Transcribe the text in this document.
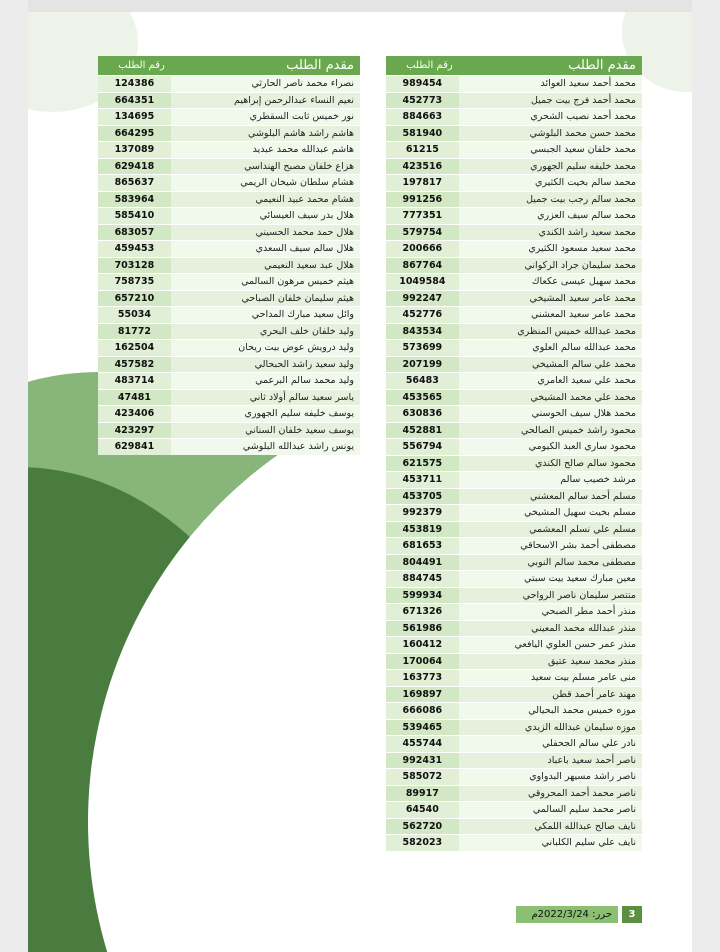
مقدم الطلب	رقم الطلب
محمد أحمد سعيد العوائد	989454
محمد أحمد فرج بيت جميل	452773
محمد أحمد نصيب الشحري	884663
محمد حسن محمد البلوشي	581940
محمد خلفان سعيد الجبسي	61215
محمد خليفه سليم الجهوري	423516
محمد سالم بخيت الكثيري	197817
محمد سالم رجب بيت جميل	991256
محمد سالم سيف العزري	777351
محمد سعيد راشد الكندي	579754
محمد سعيد مسعود الكثيري	200666
محمد سليمان جراد الركواني	867764
محمد سهيل عيسى عكعاك	1049584
محمد عامر سعيد المشيخي	992247
محمد عامر سعيد المعشني	452776
محمد عبدالله خميس المنظري	843534
محمد عبدالله سالم العلوي	573699
محمد علي سالم المشيخي	207199
محمد علي سعيد العامري	56483
محمد علي محمد المشيخي	453565
محمد هلال سيف الحوسني	630836
محمود راشد خميس الصالحي	452881
محمود ساري العبد الكيومي	556794
محمود سالم صالح الكندي	621575
مرشد خصيب سالم	453711
مسلم أحمد سالم المعشني	453705
مسلم بخيت سهيل المشيخي	992379
مسلم علي نسلم المعشمي	453819
مصطفى أحمد بشر الاسحاقي	681653
مصطفى محمد سالم النوبي	804491
معين مبارك سعيد بيت سبتي	884745
منتصر سليمان ناصر الرواحي	599934
منذر أحمد مطر الصبحي	671326
منذر عبدالله محمد المعيني	561986
منذر عمر حسن العلوي اليافعي	160412
منذر محمد سعيد عتيق	170064
منى عامر مسلم بيت سعيد	163773
مهند عامر أحمد قطن	169897
موزه خميس محمد البحيالي	666086
موزه سليمان عبدالله الزيدي	539465
نادر علي سالم الجحفلي	455744
ناصر أحمد سعيد باعباد	992431
ناصر راشد مسيهر البدواوي	585072
ناصر محمد أحمد المحروقي	89917
ناصر محمد سليم السالمي	64540
نايف صالح عبدالله اللمكي	562720
نايف علي سليم الكلباني	582023
مقدم الطلب	رقم الطلب
نصراء محمد ناصر الحارثي	124386
نعيم النساء عبدالرحمن إبراهيم	664351
نور خميس ثابت السقطري	134695
هاشم راشد هاشم البلوشي	664295
هاشم عبدالله محمد عبديد	137089
هزاع خلفان مصبح الهنداسي	629418
هشام سلطان شيخان الريمي	865637
هشام محمد عبيد النعيمي	583964
هلال بدر سيف العيسائي	585410
هلال حمد محمد الحسيني	683057
هلال سالم سيف السعدي	459453
هلال عبد سعيد النعيمي	703128
هيثم خميس مرهون السالمي	758735
هيثم سليمان خلفان الصباحي	657210
وائل سعيد مبارك المداحي	55034
وليد خلفان خلف البحري	81772
وليد درويش عوض بيت ريحان	162504
وليد سعيد راشد الحبحالي	457582
وليد محمد سالم البرعمي	483714
ياسر سعيد سالم أولاد ثاني	47481
يوسف خليفه سليم الجهوري	423406
يوسف سعيد خلفان السناني	423297
يونس راشد عبدالله البلوشي	629841
3
حرر: 2022/3/24م
